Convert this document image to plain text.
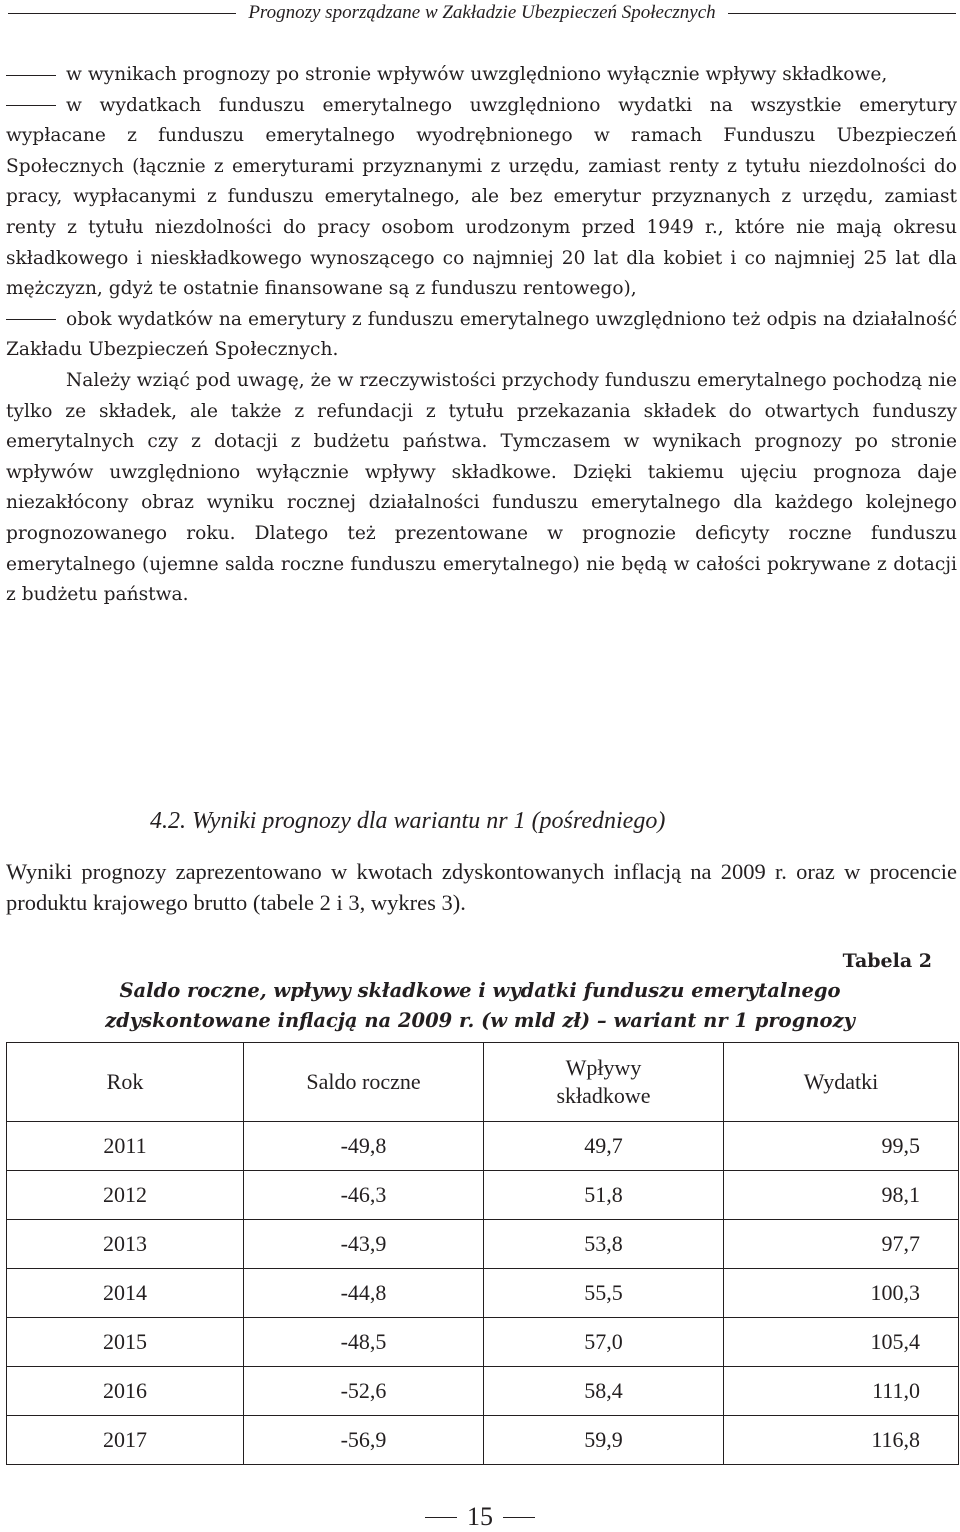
Prognozy sporządzane w Zakładzie Ubezpieczeń Społecznych

w wynikach prognozy po stronie wpływów uwzględniono wyłącznie wpływy składkowe,

w wydatkach funduszu emerytalnego uwzględniono wydatki na wszystkie emerytury wypłacane z funduszu emerytalnego wyodrębnionego w ramach Funduszu Ubezpieczeń Społecznych (łącznie z emeryturami przyznanymi z urzędu, zamiast renty z tytułu niezdolności do pracy, wypłacanymi z funduszu emerytalnego, ale bez emerytur przyznanych z urzędu, zamiast renty z tytułu niezdolności do pracy osobom urodzonym przed 1949 r., które nie mają okresu składkowego i nieskładkowego wynoszącego co najmniej 20 lat dla kobiet i co najmniej 25 lat dla mężczyzn, gdyż te ostatnie finansowane są z funduszu rentowego),

obok wydatków na emerytury z funduszu emerytalnego uwzględniono też odpis na działalność Zakładu Ubezpieczeń Społecznych.

Należy wziąć pod uwagę, że w rzeczywistości przychody funduszu emerytalnego pochodzą nie tylko ze składek, ale także z refundacji z tytułu przekazania składek do otwartych funduszy emerytalnych czy z dotacji z budżetu państwa. Tymczasem w wynikach prognozy po stronie wpływów uwzględniono wyłącznie wpływy składkowe. Dzięki takiemu ujęciu prognoza daje niezakłócony obraz wyniku rocznej działalności funduszu emerytalnego dla każdego kolejnego prognozowanego roku. Dlatego też prezentowane w prognozie deficyty roczne funduszu emerytalnego (ujemne salda roczne funduszu emerytalnego) nie będą w całości pokrywane z dotacji z budżetu państwa.

4.2. Wyniki prognozy dla wariantu nr 1 (pośredniego)

Wyniki prognozy zaprezentowano w kwotach zdyskontowanych inflacją na 2009 r. oraz w procencie produktu krajowego brutto (tabele 2 i 3, wykres 3).

Tabela 2

Saldo roczne, wpływy składkowe i wydatki funduszu emerytalnego
zdyskontowane inflacją na 2009 r. (w mld zł) – wariant nr 1 prognozy
Rok	Saldo roczne	Wpływy składkowe	Wydatki
2011	-49,8	49,7	99,5
2012	-46,3	51,8	98,1
2013	-43,9	53,8	97,7
2014	-44,8	55,5	100,3
2015	-48,5	57,0	105,4
2016	-52,6	58,4	111,0
2017	-56,9	59,9	116,8
15
